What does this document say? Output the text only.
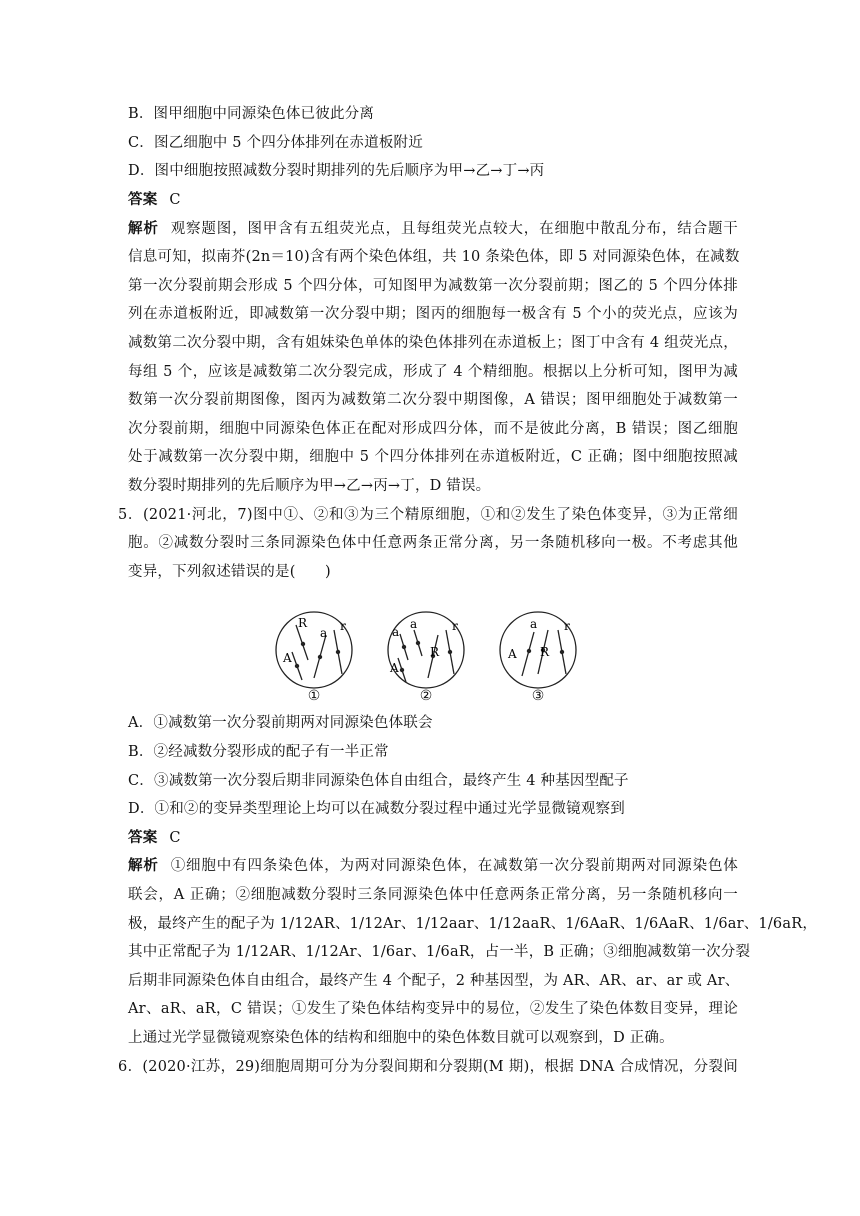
B．图甲细胞中同源染色体已彼此分离
C．图乙细胞中 5 个四分体排列在赤道板附近
D．图中细胞按照减数分裂时期排列的先后顺序为甲→乙→丁→丙
答案 C
解析 观察题图，图甲含有五组荧光点，且每组荧光点较大，在细胞中散乱分布，结合题干
信息可知，拟南芥(2n＝10)含有两个染色体组，共 10 条染色体，即 5 对同源染色体，在减数
第一次分裂前期会形成 5 个四分体，可知图甲为减数第一次分裂前期；图乙的 5 个四分体排
列在赤道板附近，即减数第一次分裂中期；图丙的细胞每一极含有 5 个小的荧光点，应该为
减数第二次分裂中期，含有姐妹染色单体的染色体排列在赤道板上；图丁中含有 4 组荧光点，
每组 5 个，应该是减数第二次分裂完成，形成了 4 个精细胞。根据以上分析可知，图甲为减
数第一次分裂前期图像，图丙为减数第二次分裂中期图像，A 错误；图甲细胞处于减数第一
次分裂前期，细胞中同源染色体正在配对形成四分体，而不是彼此分离，B 错误；图乙细胞
处于减数第一次分裂中期，细胞中 5 个四分体排列在赤道板附近，C 正确；图中细胞按照减
数分裂时期排列的先后顺序为甲→乙→丙→丁，D 错误。
5．(2021·河北，7)图中①、②和③为三个精原细胞，①和②发生了染色体变异，③为正常细
胞。②减数分裂时三条同源染色体中任意两条正常分离，另一条随机移向一极。不考虑其他
变异，下列叙述错误的是(　　)
R
a
A
r	a
a
A
R
r	a
A R
r
①	②	③
A．①减数第一次分裂前期两对同源染色体联会
B．②经减数分裂形成的配子有一半正常
C．③减数第一次分裂后期非同源染色体自由组合，最终产生 4 种基因型配子
D．①和②的变异类型理论上均可以在减数分裂过程中通过光学显微镜观察到
答案 C
解析 ①细胞中有四条染色体，为两对同源染色体，在减数第一次分裂前期两对同源染色体
联会，A 正确；②细胞减数分裂时三条同源染色体中任意两条正常分离，另一条随机移向一
极，最终产生的配子为 1/12AR、1/12Ar、1/12aar、1/12aaR、1/6AaR、1/6AaR、1/6ar、1/6aR，
其中正常配子为 1/12AR、1/12Ar、1/6ar、1/6aR，占一半，B 正确；③细胞减数第一次分裂
后期非同源染色体自由组合，最终产生 4 个配子，2 种基因型，为 AR、AR、ar、ar 或 Ar、
Ar、aR、aR，C 错误；①发生了染色体结构变异中的易位，②发生了染色体数目变异，理论
上通过光学显微镜观察染色体的结构和细胞中的染色体数目就可以观察到，D 正确。
6．(2020·江苏，29)细胞周期可分为分裂间期和分裂期(M 期)，根据 DNA 合成情况，分裂间
